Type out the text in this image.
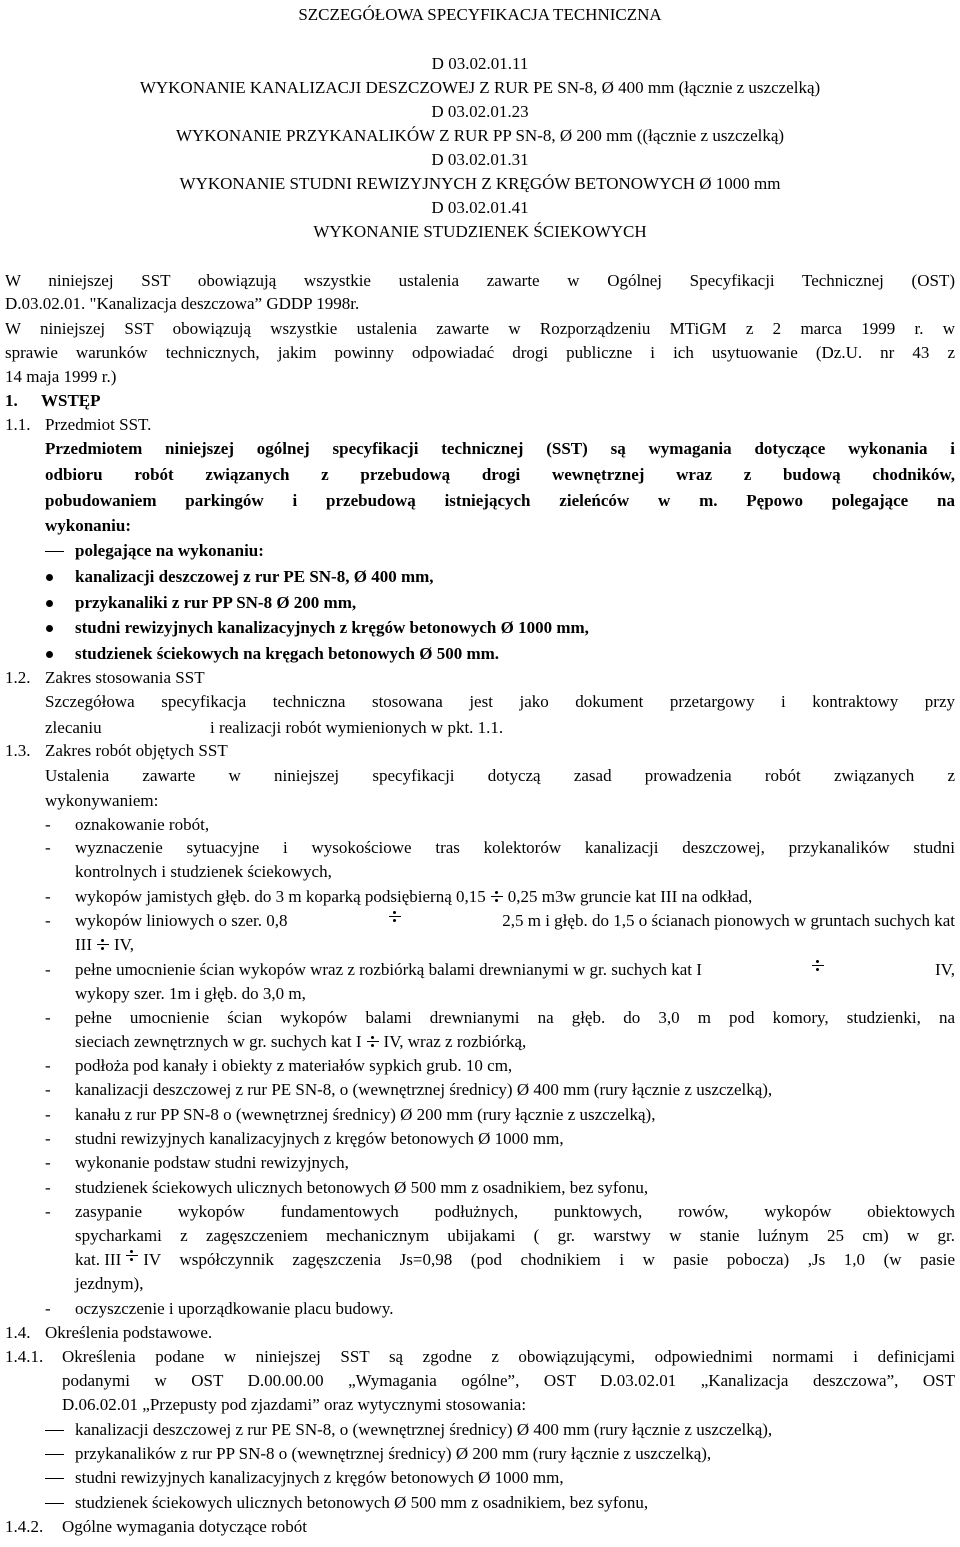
SZCZEGÓŁOWA SPECYFIKACJA TECHNICZNA
D 03.02.01.11
WYKONANIE KANALIZACJI DESZCZOWEJ Z RUR PE SN-8, Ø 400 mm (łącznie z uszczelką)
D 03.02.01.23
WYKONANIE PRZYKANALIKÓW Z RUR PP SN-8, Ø 200 mm ((łącznie z uszczelką)
D 03.02.01.31
WYKONANIE STUDNI REWIZYJNYCH Z KRĘGÓW BETONOWYCH Ø 1000 mm
D 03.02.01.41
WYKONANIE STUDZIENEK ŚCIEKOWYCH
W niniejszej SST obowiązują wszystkie ustalenia zawarte w Ogólnej Specyfikacji Technicznej (OST)
D.03.02.01. "Kanalizacja deszczowa” GDDP 1998r.
W niniejszej SST obowiązują wszystkie ustalenia zawarte w Rozporządzeniu MTiGM z 2 marca 1999 r. w
sprawie warunków technicznych, jakim powinny odpowiadać drogi publiczne i ich usytuowanie (Dz.U. nr 43 z
14 maja 1999 r.)
1. WSTĘP
1.1. Przedmiot SST.
Przedmiotem niniejszej ogólnej specyfikacji technicznej (SST) są wymagania dotyczące wykonania i
odbioru robót związanych z przebudową drogi wewnętrznej wraz z budową chodników,
pobudowaniem parkingów i przebudową istniejących zieleńców w m. Pępowo polegające na
wykonaniu:
polegające na wykonaniu:
kanalizacji deszczowej z rur PE SN-8, Ø 400 mm,
przykanaliki z rur PP SN-8 Ø 200 mm,
studni rewizyjnych kanalizacyjnych z kręgów betonowych Ø 1000 mm,
studzienek ściekowych na kręgach betonowych Ø 500 mm.
1.2. Zakres stosowania SST
Szczegółowa specyfikacja techniczna stosowana jest jako dokument przetargowy i kontraktowy przy
zlecaniu	i realizacji robót wymienionych w pkt. 1.1.
1.3. Zakres robót objętych SST
Ustalenia zawarte w niniejszej specyfikacji dotyczą zasad prowadzenia robót związanych z
wykonywaniem:
- oznakowanie robót,
- wyznaczenie sytuacyjne i wysokościowe tras kolektorów kanalizacji deszczowej, przykanalików studni
kontrolnych i studzienek ściekowych,
- wykopów jamistych głęb. do 3 m koparką podsiębierną 0,15 0,25 m3w gruncie kat III na odkład,
- wykopów liniowych o szer. 0,8	2,5 m i głęb. do 1,5 o ścianach pionowych w gruntach suchych kat
III IV,
- pełne umocnienie ścian wykopów wraz z rozbiórką balami drewnianymi w gr. suchych kat I	IV,
wykopy szer. 1m i głęb. do 3,0 m,
- pełne umocnienie ścian wykopów balami drewnianymi na głęb. do 3,0 m pod komory, studzienki, na
sieciach zewnętrznych w gr. suchych kat I IV, wraz z rozbiórką,
- podłoża pod kanały i obiekty z materiałów sypkich grub. 10 cm,
- kanalizacji deszczowej z rur PE SN-8, o (wewnętrznej średnicy) Ø 400 mm (rury łącznie z uszczelką),
- kanału z rur PP SN-8 o (wewnętrznej średnicy) Ø 200 mm (rury łącznie z uszczelką),
- studni rewizyjnych kanalizacyjnych z kręgów betonowych Ø 1000 mm,
- wykonanie podstaw studni rewizyjnych,
- studzienek ściekowych ulicznych betonowych Ø 500 mm z osadnikiem, bez syfonu,
- zasypanie wykopów fundamentowych podłużnych, punktowych, rowów, wykopów obiektowych
spycharkami z zagęszczeniem mechanicznym ubijakami ( gr. warstwy w stanie luźnym 25 cm) w gr.
kat. III IV współczynnik zagęszczenia Js=0,98 (pod chodnikiem i w pasie pobocza) ,Js 1,0 (w pasie
jezdnym),
- oczyszczenie i uporządkowanie placu budowy.
1.4. Określenia podstawowe.
1.4.1. Określenia podane w niniejszej SST są zgodne z obowiązującymi, odpowiednimi normami i definicjami
podanymi w OST D.00.00.00 „Wymagania ogólne”, OST D.03.02.01 „Kanalizacja deszczowa”, OST
D.06.02.01 „Przepusty pod zjazdami” oraz wytycznymi stosowania:
kanalizacji deszczowej z rur PE SN-8, o (wewnętrznej średnicy) Ø 400 mm (rury łącznie z uszczelką),
przykanalików z rur PP SN-8 o (wewnętrznej średnicy) Ø 200 mm (rury łącznie z uszczelką),
studni rewizyjnych kanalizacyjnych z kręgów betonowych Ø 1000 mm,
studzienek ściekowych ulicznych betonowych Ø 500 mm z osadnikiem, bez syfonu,
1.4.2. Ogólne wymagania dotyczące robót
